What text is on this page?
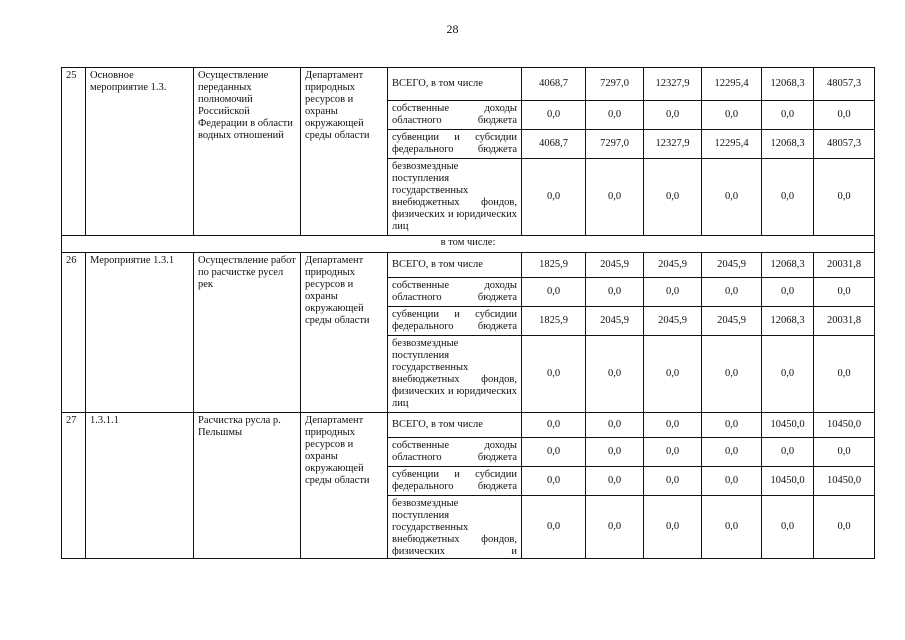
28
25	Основное мероприятие 1.3.	Осуществление переданных полномочий Российской Федерации в области водных отношений	Департамент природных ресурсов и охраны окружающей среды области	ВСЕГО, в том числе	4068,7	7297,0	12327,9	12295,4	12068,3	48057,3
				собственные доходы областного бюджета	0,0	0,0	0,0	0,0	0,0	0,0
				субвенции и субсидии федерального бюджета	4068,7	7297,0	12327,9	12295,4	12068,3	48057,3
				безвозмездные поступления государственных внебюджетных фондов, физических и юридических лиц	0,0	0,0	0,0	0,0	0,0	0,0
в том числе:										
26	Мероприятие 1.3.1	Осуществление работ по расчистке русел рек	Департамент природных ресурсов и охраны окружающей среды области	ВСЕГО, в том числе	1825,9	2045,9	2045,9	2045,9	12068,3	20031,8
				собственные доходы областного бюджета	0,0	0,0	0,0	0,0	0,0	0,0
				субвенции и субсидии федерального бюджета	1825,9	2045,9	2045,9	2045,9	12068,3	20031,8
				безвозмездные поступления государственных внебюджетных фондов, физических и юридических лиц	0,0	0,0	0,0	0,0	0,0	0,0
27	1.3.1.1	Расчистка русла р. Пельшмы	Департамент природных ресурсов и охраны окружающей среды области	ВСЕГО, в том числе	0,0	0,0	0,0	0,0	10450,0	10450,0
				собственные доходы областного бюджета	0,0	0,0	0,0	0,0	0,0	0,0
				субвенции и субсидии федерального бюджета	0,0	0,0	0,0	0,0	10450,0	10450,0

				безвозмездные поступления государственных внебюджетных фондов, физических и	0,0	0,0	0,0	0,0	0,0	0,0
